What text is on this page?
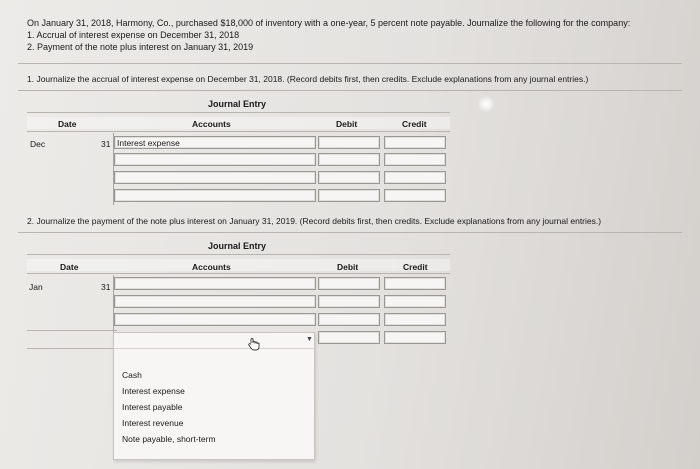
On January 31, 2018, Harmony, Co., purchased $18,000 of inventory with a one-year, 5 percent note payable. Journalize the following for the company:
1. Accrual of interest expense on December 31, 2018
2. Payment of the note plus interest on January 31, 2019
1. Journalize the accrual of interest expense on December 31, 2018. (Record debits first, then credits. Exclude explanations from any journal entries.)
Journal Entry
Date	Accounts	Debit	Credit
Dec	31 Interest expense
2. Journalize the payment of the note plus interest on January 31, 2019. (Record debits first, then credits. Exclude explanations from any journal entries.)
Journal Entry
Date	Accounts	Debit	Credit
Jan	31
▼
Cash
Interest expense
Interest payable
Interest revenue
Note payable, short-term
